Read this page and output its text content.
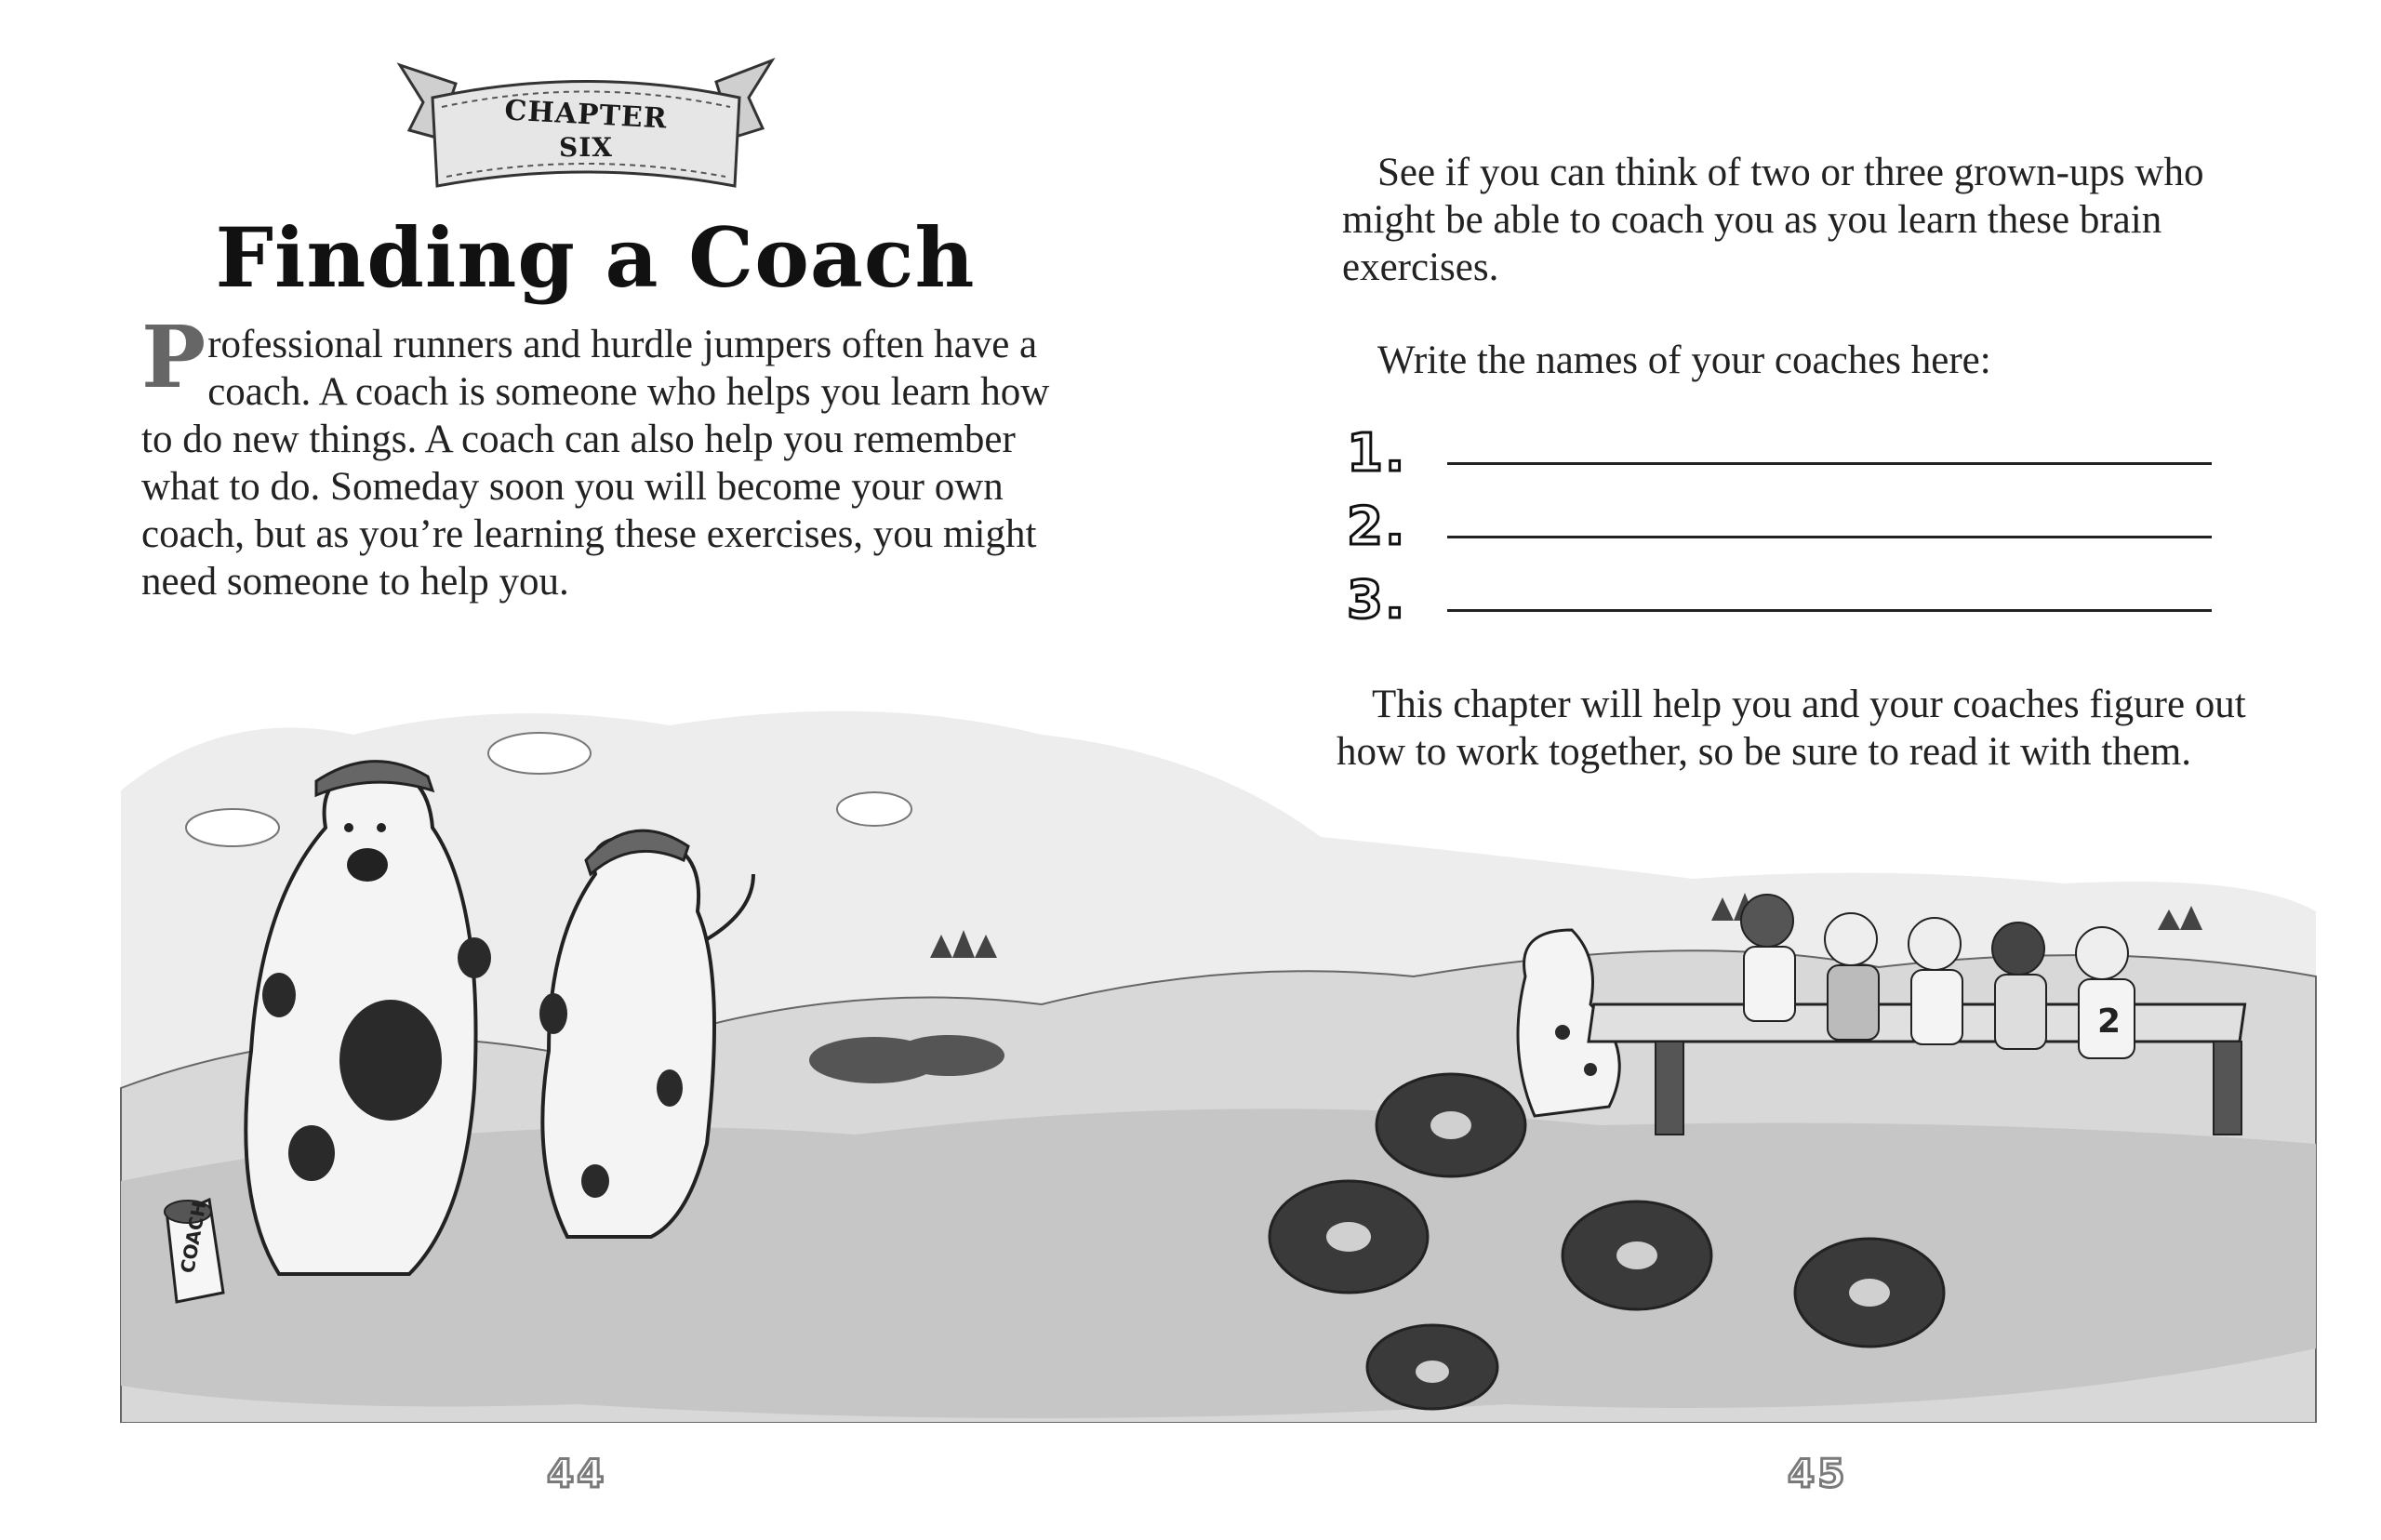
CHAPTER
SIX
Finding a Coach
Professional runners and hurdle jumpers often have a coach. A coach is someone who helps you learn how to do new things. A coach can also help you remember what to do. Someday soon you will become your own coach, but as you’re learning these exercises, you might need someone to help you.
See if you can think of two or three grown-ups who might be able to coach you as you learn these brain exercises.
Write the names of your coaches here:
1.
2.
3.
This chapter will help you and your coaches figure out how to work together, so be sure to read it with them.
COACH
2
44	45
